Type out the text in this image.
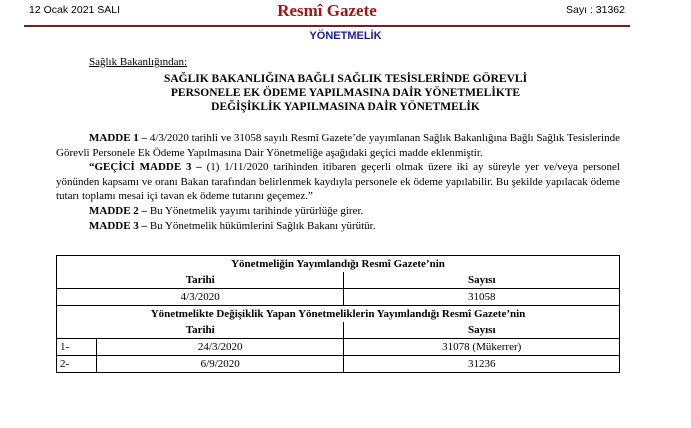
12 Ocak 2021 SALI	Resmî Gazete	Sayı : 31362
YÖNETMELİK
Sağlık Bakanlığından:
SAĞLIK BAKANLIĞINA BAĞLI SAĞLIK TESİSLERİNDE GÖREVLİ
PERSONELE EK ÖDEME YAPILMASINA DAİR YÖNETMELİKTE
DEĞİŞİKLİK YAPILMASINA DAİR YÖNETMELİK

MADDE 1 – 4/3/2020 tarihli ve 31058 sayılı Resmî Gazete’de yayımlanan Sağlık Bakanlığına Bağlı Sağlık Tesislerinde Görevli Personele Ek Ödeme Yapılmasına Dair Yönetmeliğe aşağıdaki geçici madde eklenmiştir.

“GEÇİCİ MADDE 3 – (1) 1/11/2020 tarihinden itibaren geçerli olmak üzere iki ay süreyle yer ve/veya personel yönünden kapsamı ve oranı Bakan tarafından belirlenmek kaydıyla personele ek ödeme yapılabilir. Bu şekilde yapılacak ödeme tutarı toplamı mesai içi tavan ek ödeme tutarını geçemez.”

MADDE 2 – Bu Yönetmelik yayımı tarihinde yürürlüğe girer.

MADDE 3 – Bu Yönetmelik hükümlerini Sağlık Bakanı yürütür.

Yönetmeliğin Yayımlandığı Resmî Gazete’nin		
Tarihi		Sayısı
4/3/2020		31058
Yönetmelikte Değişiklik Yapan Yönetmeliklerin Yayımlandığı Resmî Gazete’nin		
Tarihi		Sayısı
1-	24/3/2020	31078 (Mükerrer)
2-	6/9/2020	31236
